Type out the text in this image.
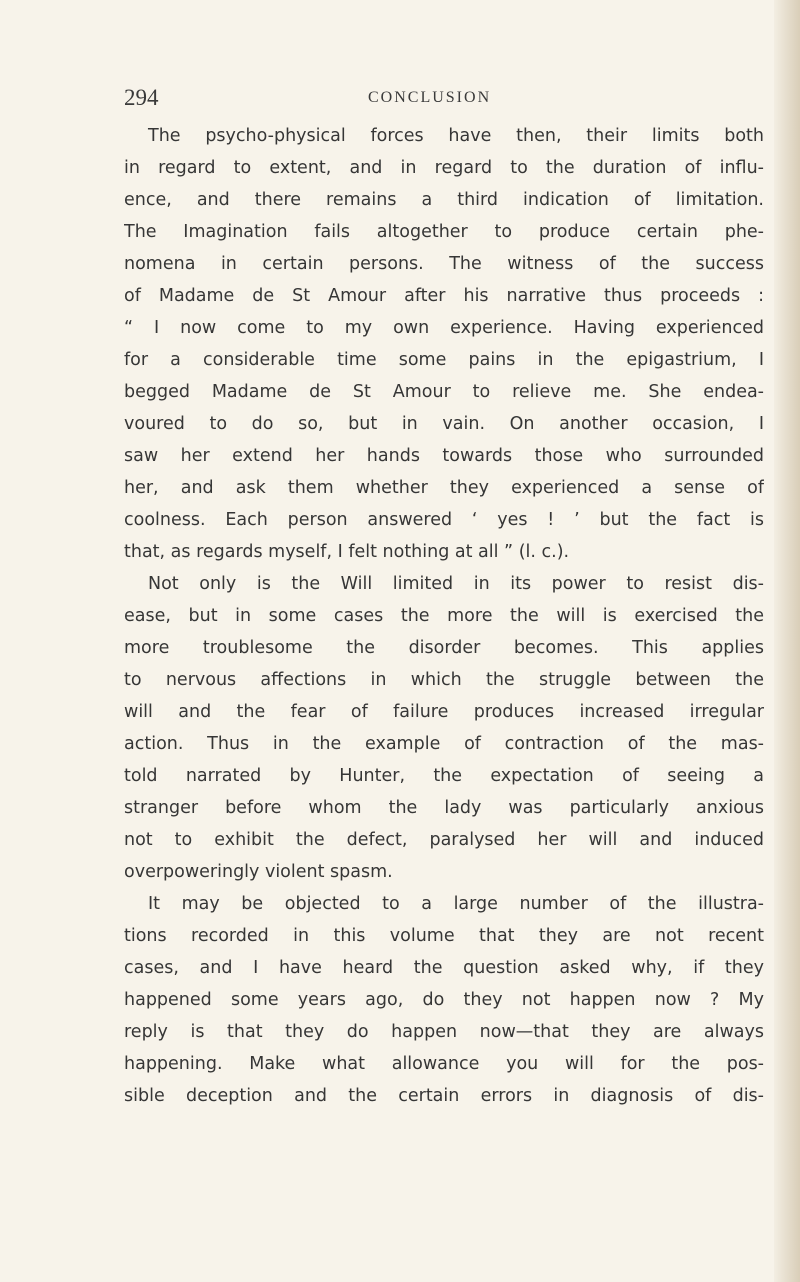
294	CONCLUSION
The psycho-physical forces have then, their limits both
in regard to extent, and in regard to the duration of influ-
ence, and there remains a third indication of limitation.
The Imagination fails altogether to produce certain phe-
nomena in certain persons. The witness of the success
of Madame de St Amour after his narrative thus proceeds :
“ I now come to my own experience. Having experienced
for a considerable time some pains in the epigastrium, I
begged Madame de St Amour to relieve me. She endea-
voured to do so, but in vain. On another occasion, I
saw her extend her hands towards those who surrounded
her, and ask them whether they experienced a sense of
coolness. Each person answered ‘ yes ! ’ but the fact is
that, as regards myself, I felt nothing at all ” (l. c.).
Not only is the Will limited in its power to resist dis-
ease, but in some cases the more the will is exercised the
more troublesome the disorder becomes. This applies
to nervous affections in which the struggle between the
will and the fear of failure produces increased irregular
action. Thus in the example of contraction of the mas-
told narrated by Hunter, the expectation of seeing a
stranger before whom the lady was particularly anxious
not to exhibit the defect, paralysed her will and induced
overpoweringly violent spasm.
It may be objected to a large number of the illustra-
tions recorded in this volume that they are not recent
cases, and I have heard the question asked why, if they
happened some years ago, do they not happen now ? My
reply is that they do happen now—that they are always
happening. Make what allowance you will for the pos-
sible deception and the certain errors in diagnosis of dis-
